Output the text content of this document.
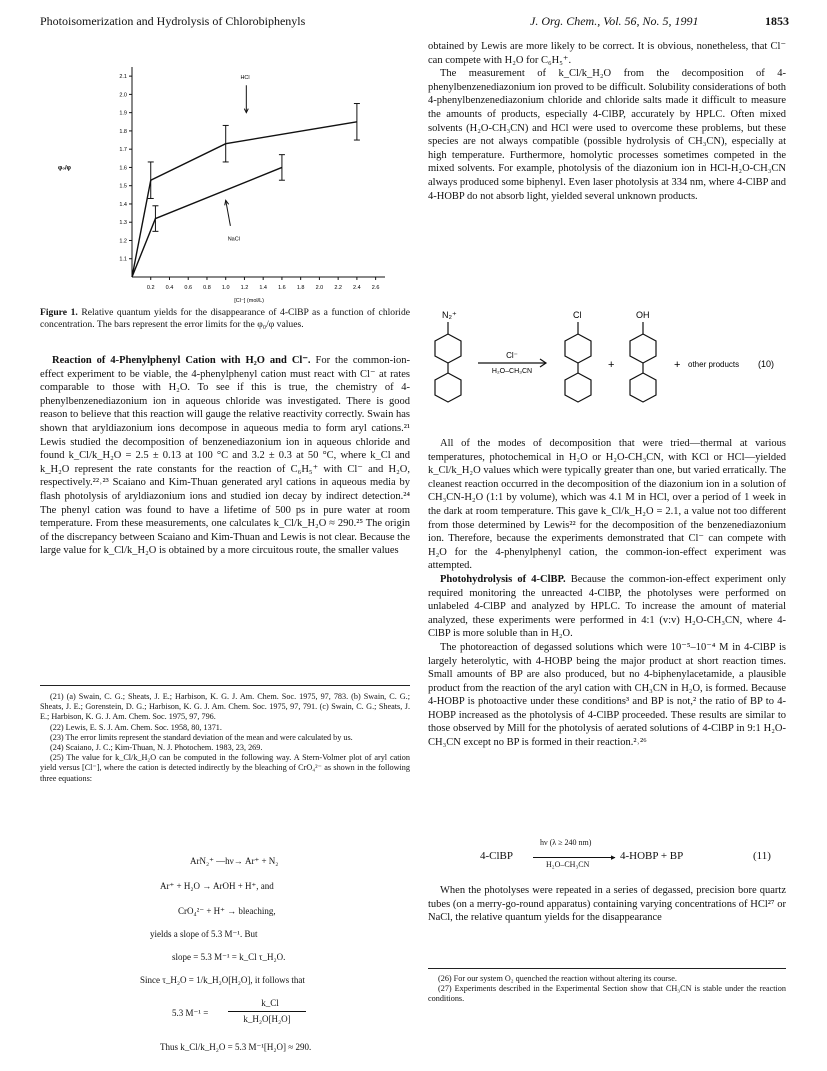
Photoisomerization and Hydrolysis of Chlorobiphenyls	J. Org. Chem., Vol. 56, No. 5, 1991	1853
0.2 0.4 0.6 0.8 1.0 1.2 1.4 1.6 1.8 2.0 2.2 2.4 2.6
1.1
1.2
1.3
1.4
1.5
1.6
1.7
1.8
1.9
2.0
2.1
φ₀/φ
[Cl⁻] (mol/L)
HCl
NaCl

Figure 1. Relative quantum yields for the disappearance of 4-ClBP as a function of chloride concentration. The bars represent the error limits for the φ₀/φ values.

Reaction of 4-Phenylphenyl Cation with H₂O and Cl⁻. For the common-ion-effect experiment to be viable, the 4-phenylphenyl cation must react with Cl⁻ at rates comparable to those with H₂O. To see if this is true, the chemistry of 4-phenylbenzenediazonium ion in aqueous chloride was investigated. There is good reason to believe that this reaction will gauge the relative reactivity correctly. Swain has shown that aryldiazonium ions decompose in aqueous media to form aryl cations.²¹ Lewis studied the decomposition of benzenediazonium ion in aqueous chloride and found k_Cl/k_H₂O = 2.5 ± 0.13 at 100 °C and 3.2 ± 0.3 at 50 °C, where k_Cl and k_H₂O represent the rate constants for the reaction of C₆H₅⁺ with Cl⁻ and H₂O, respectively.²²˒²³ Scaiano and Kim-Thuan generated aryl cations in aqueous media by flash photolysis of aryldiazonium ions and studied ion decay by indirect detection.²⁴ The phenyl cation was found to have a lifetime of 500 ps in pure water at room temperature. From these measurements, one calculates k_Cl/k_H₂O ≈ 290.²⁵ The origin of the discrepancy between Scaiano and Kim-Thuan and Lewis is not clear. Because the large value for k_Cl/k_H₂O is obtained by a more circuitous route, the smaller values

(21) (a) Swain, C. G.; Sheats, J. E.; Harbison, K. G. J. Am. Chem. Soc. 1975, 97, 783. (b) Swain, C. G.; Sheats, J. E.; Gorenstein, D. G.; Harbison, K. G. J. Am. Chem. Soc. 1975, 97, 791. (c) Swain, C. G.; Sheats, J. E.; Harbison, K. G. J. Am. Chem. Soc. 1975, 97, 796.

(22) Lewis, E. S. J. Am. Chem. Soc. 1958, 80, 1371.

(23) The error limits represent the standard deviation of the mean and were calculated by us.

(24) Scaiano, J. C.; Kim-Thuan, N. J. Photochem. 1983, 23, 269.

(25) The value for k_Cl/k_H₂O can be computed in the following way. A Stern-Volmer plot of aryl cation yield versus [Cl⁻], where the cation is detected indirectly by the bleaching of CrO₄²⁻ as shown in the following three equations:

ArN₂⁺ —hν→ Ar⁺ + N₂
Ar⁺ + H₂O → ArOH + H⁺, and
CrO₄²⁻ + H⁺ → bleaching,
yields a slope of 5.3 M⁻¹. But
slope = 5.3 M⁻¹ = k_Cl τ_H₂O.
Since τ_H₂O = 1/k_H₂O[H₂O], it follows that
5.3 M⁻¹ =
k_Cl
k_H₂O[H₂O]
Thus k_Cl/k_H₂O = 5.3 M⁻¹[H₂O] ≈ 290.

obtained by Lewis are more likely to be correct. It is obvious, nonetheless, that Cl⁻ can compete with H₂O for C₆H₅⁺.

The measurement of k_Cl/k_H₂O from the decomposition of 4-phenylbenzenediazonium ion proved to be difficult. Solubility considerations of both 4-phenylbenzenediazonium chloride and chloride salts made it difficult to measure the amounts of products, especially 4-ClBP, accurately by HPLC. Often mixed solvents (H₂O-CH₃CN) and HCl were used to overcome these problems, but these species are not always compatible (possible hydrolysis of CH₃CN), especially at high temperature. Furthermore, homolytic processes sometimes competed in the mixed solvents. For example, photolysis of the diazonium ion in HCl-H₂O-CH₃CN always produced some biphenyl. Even laser photolysis at 334 nm, where 4-ClBP and 4-HOBP do not absorb light, yielded several unknown products.

N₂⁺
Cl⁻
H₂O–CH₃CN
Cl
+
OH
+ other products (10)

All of the modes of decomposition that were tried—thermal at various temperatures, photochemical in H₂O or H₂O-CH₃CN, with KCl or HCl—yielded k_Cl/k_H₂O values which were typically greater than one, but varied erratically. The cleanest reaction occurred in the decomposition of the diazonium ion in a solution of CH₃CN-H₂O (1:1 by volume), which was 4.1 M in HCl, over a period of 1 week in the dark at room temperature. This gave k_Cl/k_H₂O = 2.1, a value not too different from those determined by Lewis²² for the decomposition of the benzenediazonium ion. Therefore, because the experiments demonstrated that Cl⁻ can compete with H₂O for the 4-phenylphenyl cation, the common-ion-effect experiment was attempted.

Photohydrolysis of 4-ClBP. Because the common-ion-effect experiment only required monitoring the unreacted 4-ClBP, the photolyses were performed on unlabeled 4-ClBP and analyzed by HPLC. To increase the amount of material analyzed, these experiments were performed in 4:1 (v:v) H₂O-CH₃CN, where 4-ClBP is more soluble than in H₂O.

The photoreaction of degassed solutions which were 10⁻⁵–10⁻⁴ M in 4-ClBP is largely heterolytic, with 4-HOBP being the major product at short reaction times. Small amounts of BP are also produced, but no 4-biphenylacetamide, a plausible product from the reaction of the aryl cation with CH₃CN in H₂O, is formed. Because 4-HOBP is photoactive under these conditions³ and BP is not,² the ratio of BP to 4-HOBP increased as the photolysis of 4-ClBP proceeded. These results are similar to those observed by Mill for the photolysis of aerated solutions of 4-ClBP in 9:1 H₂O-CH₃CN except no BP is formed in their reaction.²˒²⁶

4-ClBP
hν (λ ≥ 240 nm)
▸
H₂O–CH₃CN
4-HOBP + BP	(11)

When the photolyses were repeated in a series of degassed, precision bore quartz tubes (on a merry-go-round apparatus) containing varying concentrations of HCl²⁷ or NaCl, the relative quantum yields for the disappearance

(26) For our system O₂ quenched the reaction without altering its course.

(27) Experiments described in the Experimental Section show that CH₃CN is stable under the reaction conditions.
